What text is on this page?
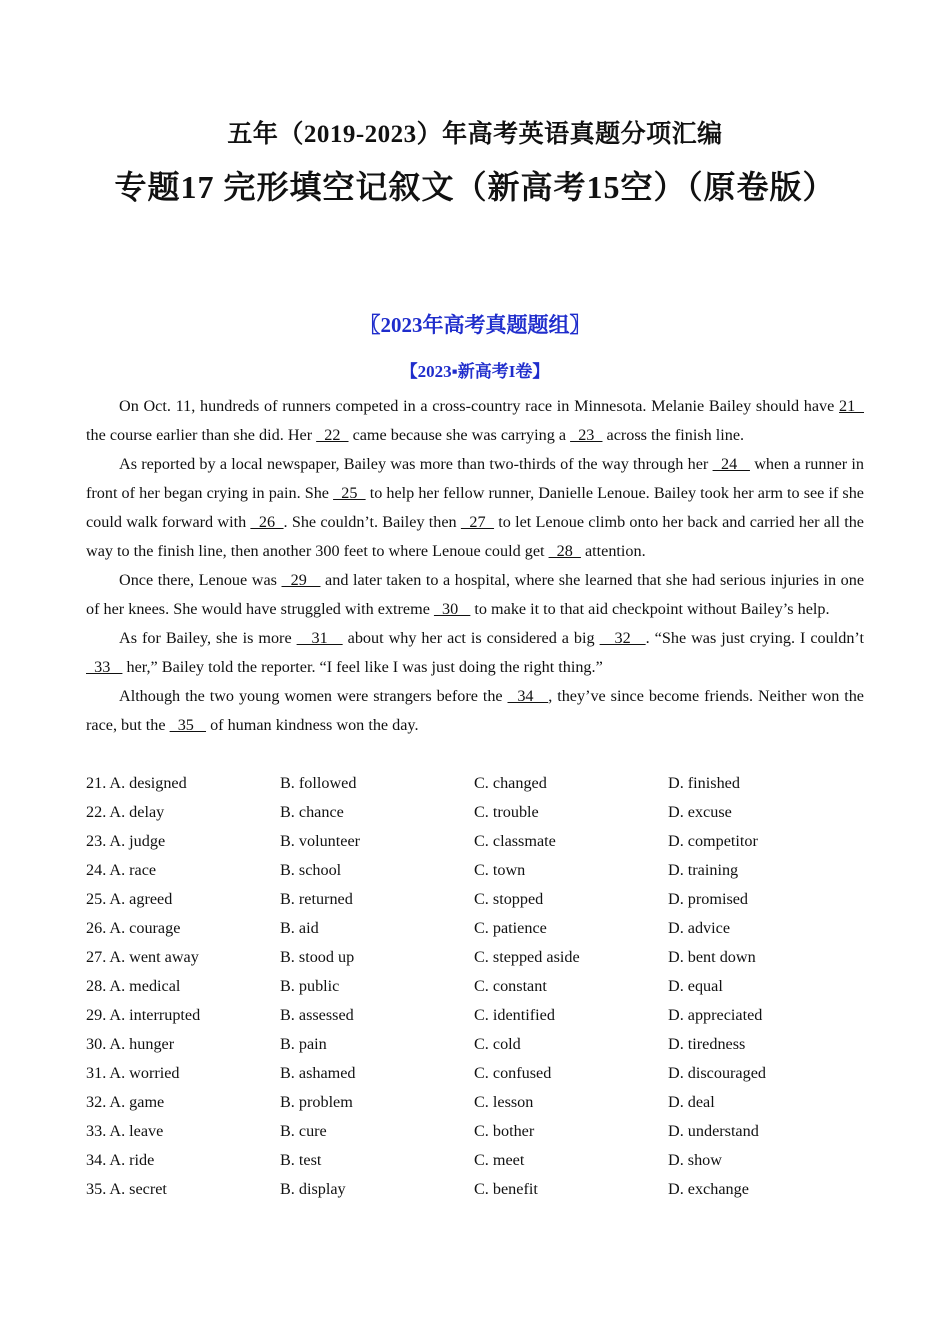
五年（2019-2023）年高考英语真题分项汇编
专题17 完形填空记叙文（新高考15空）（原卷版）
〖2023年高考真题题组〗
【2023▪新高考I卷】

On Oct. 11, hundreds of runners competed in a cross-country race in Minnesota. Melanie Bailey should have 21   the course earlier than she did. Her   22   came because she was carrying a   23   across the finish line.

As reported by a local newspaper, Bailey was more than two-thirds of the way through her   24    when a runner in front of her began crying in pain. She   25   to help her fellow runner, Danielle Lenoue. Bailey took her arm to see if she could walk forward with   26  . She couldn’t. Bailey then   27   to let Lenoue climb onto her back and carried her all the way to the finish line, then another 300 feet to where Lenoue could get   28   attention.

Once there, Lenoue was   29    and later taken to a hospital, where she learned that she had serious injuries in one of her knees. She would have struggled with extreme   30    to make it to that aid checkpoint without Bailey’s help.

As for Bailey, she is more    31    about why her act is considered a big    32   . “She was just crying. I couldn’t   33    her,” Bailey told the reporter. “I feel like I was just doing the right thing.”

Although the two young women were strangers before the   34   , they’ve since become friends. Neither won the race, but the   35    of human kindness won the day.

21. A. designed	B. followed	C. changed	D. finished
22. A. delay	B. chance	C. trouble	D. excuse
23. A. judge	B. volunteer	C. classmate	D. competitor
24. A. race	B. school	C. town	D. training
25. A. agreed	B. returned	C. stopped	D. promised
26. A. courage	B. aid	C. patience	D. advice
27. A. went away	B. stood up	C. stepped aside	D. bent down
28. A. medical	B. public	C. constant	D. equal
29. A. interrupted	B. assessed	C. identified	D. appreciated
30. A. hunger	B. pain	C. cold	D. tiredness
31. A. worried	B. ashamed	C. confused	D. discouraged
32. A. game	B. problem	C. lesson	D. deal
33. A. leave	B. cure	C. bother	D. understand
34. A. ride	B. test	C. meet	D. show
35. A. secret	B. display	C. benefit	D. exchange
